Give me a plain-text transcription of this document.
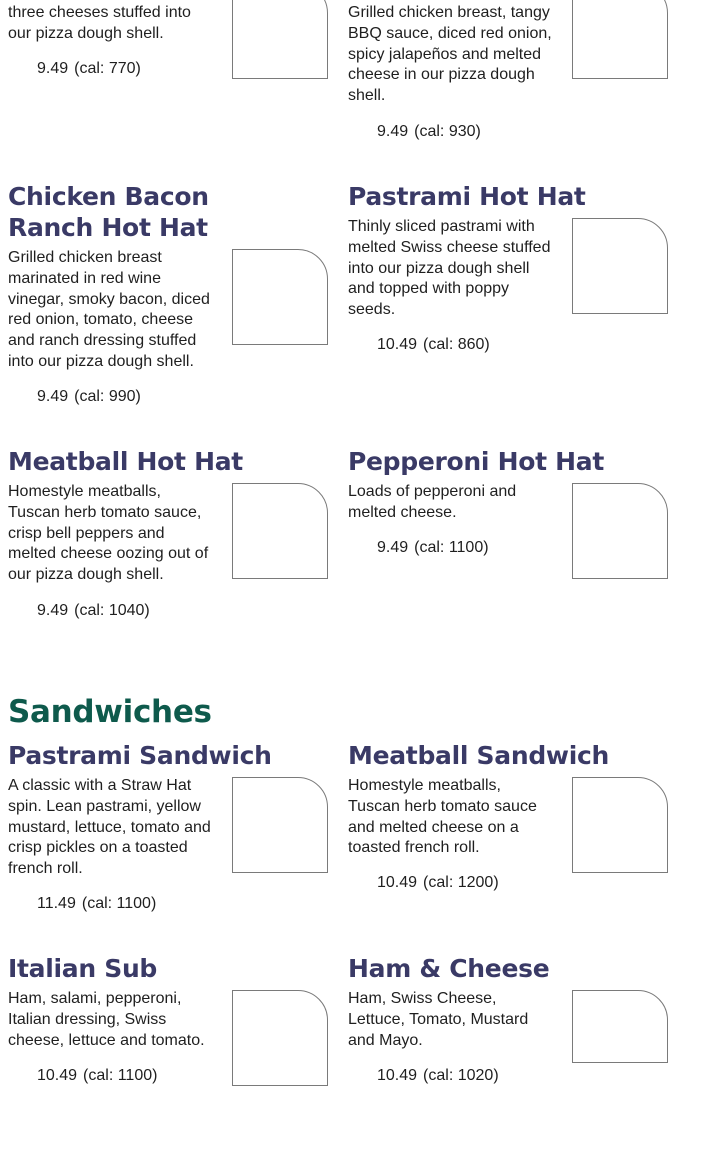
three cheeses stuffed into our pizza dough shell.
9.49 (cal: 770)
Grilled chicken breast, tangy BBQ sauce, diced red onion, spicy jalapeños and melted cheese in our pizza dough shell.
9.49 (cal: 930)
Chicken Bacon Ranch Hot Hat
Grilled chicken breast marinated in red wine vinegar, smoky bacon, diced red onion, tomato, cheese and ranch dressing stuffed into our pizza dough shell.
9.49 (cal: 990)
Pastrami Hot Hat
Thinly sliced pastrami with melted Swiss cheese stuffed into our pizza dough shell and topped with poppy seeds.
10.49 (cal: 860)
Meatball Hot Hat
Homestyle meatballs, Tuscan herb tomato sauce, crisp bell peppers and melted cheese oozing out of our pizza dough shell.
9.49 (cal: 1040)
Pepperoni Hot Hat
Loads of pepperoni and melted cheese.
9.49 (cal: 1100)
Sandwiches
Pastrami Sandwich
A classic with a Straw Hat spin. Lean pastrami, yellow mustard, lettuce, tomato and crisp pickles on a toasted french roll.
11.49 (cal: 1100)
Meatball Sandwich
Homestyle meatballs, Tuscan herb tomato sauce and melted cheese on a toasted french roll.
10.49 (cal: 1200)
Italian Sub
Ham, salami, pepperoni, Italian dressing, Swiss cheese, lettuce and tomato.
10.49 (cal: 1100)
Ham & Cheese
Ham, Swiss Cheese, Lettuce, Tomato, Mustard and Mayo.
10.49 (cal: 1020)
